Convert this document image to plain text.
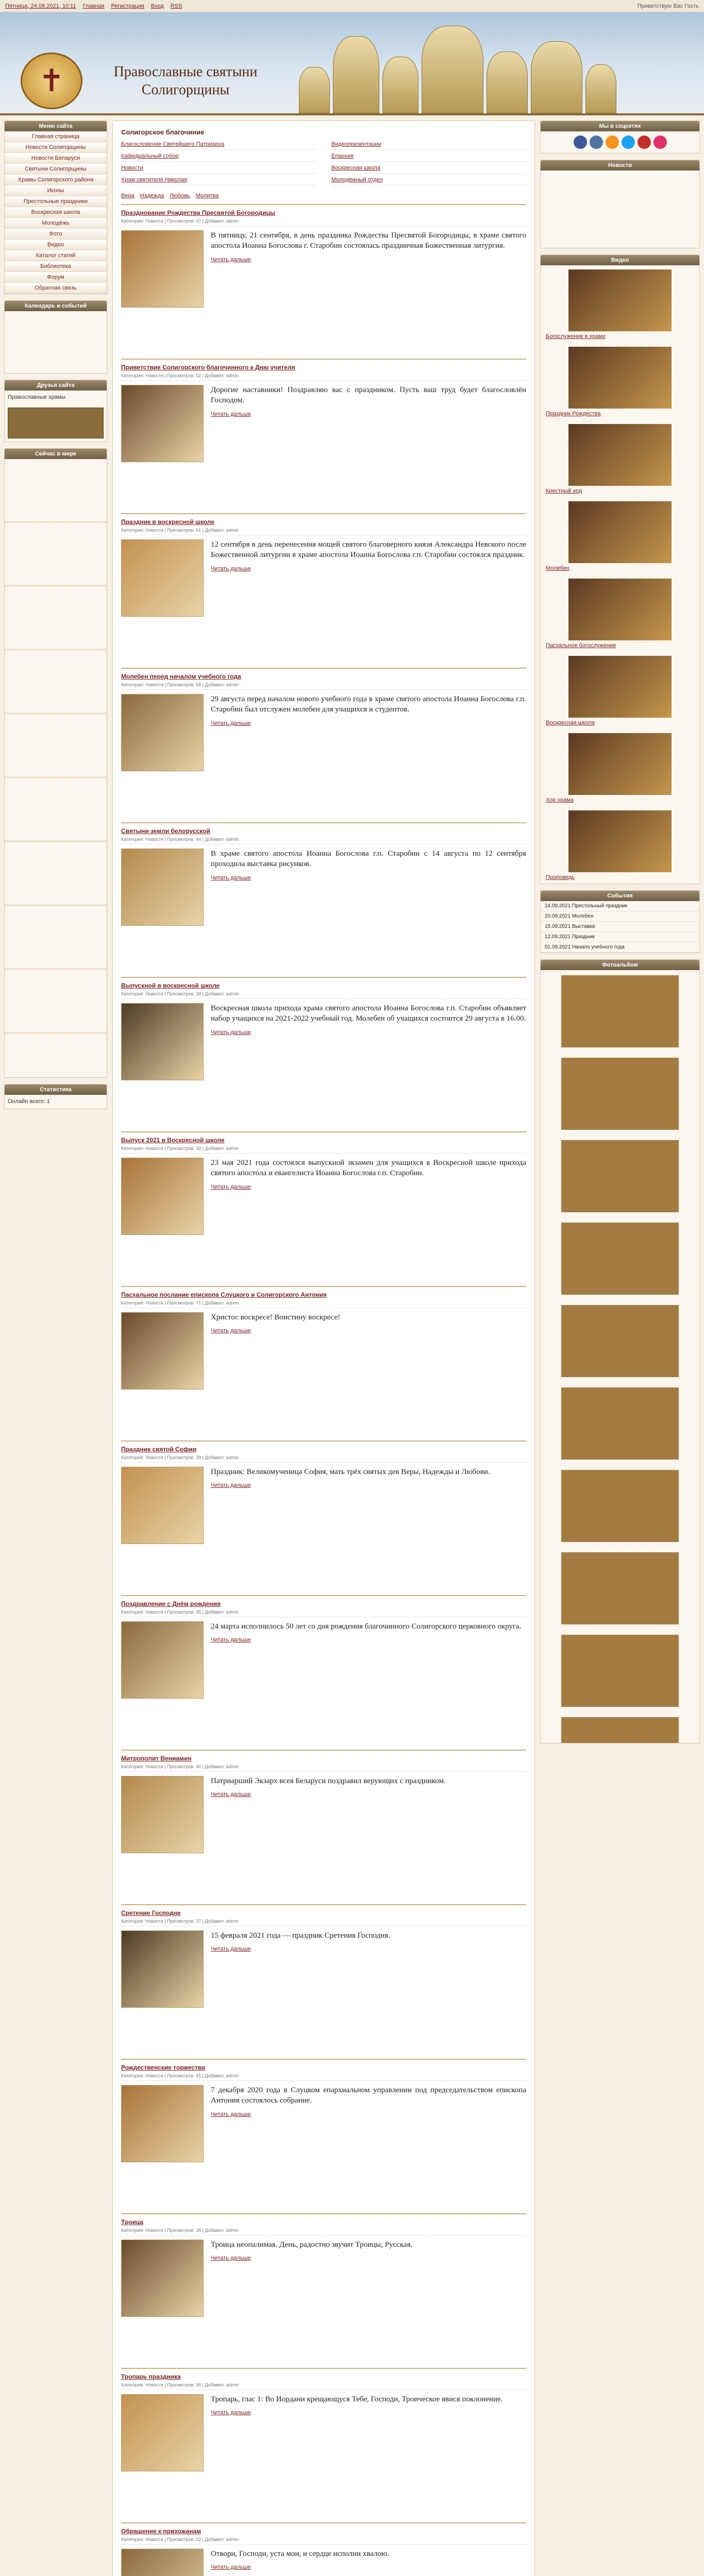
Пятница, 24.09.2021, 10:11 Главная Регистрация Вход RSS	Приветствую Вас Гость
✝	Православные святыни Солигорщины
Меню сайта
Главная страница
Новости Солигорщины
Новости Беларуси
Святыни Солигорщины
Храмы Солигорского района
Иконы
Престольные праздники
Воскресная школа
Молодёжь
Фото
Видео
Каталог статей
Библиотека
Форум
Обратная связь
Календарь и событий
Друзья сайта
Православные храмы
Сейчас в мире
Статистика
Онлайн всего: 1
Солигорское благочиние
Благословение Святейшего Патриарха	Видеопрезентации
Кафедральный собор	Епархия
Новости	Воскресная школа
Храм святителя Николая	Молодёжный отдел
Вера Надежда Любовь Молитва
Празднование Рождества Пресвятой Богородицы
Категория: Новости | Просмотров: 47 | Добавил: admin
В пятницу, 21 сентября, в день праздника Рождества Пресвятой Богородицы, в храме святого апостола Иоанна Богослова г. Старобин состоялась праздничная Божественная литургия.
Читать дальше
Приветствие Солигорского благочинного к Дню учителя
Категория: Новости | Просмотров: 52 | Добавил: admin
Дорогие наставники! Поздравляю вас с праздником. Пусть ваш труд будет благословлён Господом.
Читать дальше
Праздник в воскресной школе
Категория: Новости | Просмотров: 61 | Добавил: admin
12 сентября в день перенесения мощей святого благоверного князя Александра Невского после Божественной литургии в храме апостола Иоанна Богослова г.п. Старобин состоялся праздник.
Читать дальше
Молебен перед началом учебного года
Категория: Новости | Просмотров: 58 | Добавил: admin
29 августа перед началом нового учебного года в храме святого апостола Иоанна Богослова г.п. Старобин был отслужен молебен для учащихся и студентов.
Читать дальше
Святыни земли белорусской
Категория: Новости | Просмотров: 44 | Добавил: admin
В храме святого апостола Иоанна Богослова г.п. Старобин с 14 августа по 12 сентября проходила выставка рисунков.
Читать дальше
Выпускной в воскресной школе
Категория: Новости | Просмотров: 39 | Добавил: admin
Воскресная школа прихода храма святого апостола Иоанна Богослова г.п. Старобин объявляет набор учащихся на 2021-2022 учебный год. Молебен об учащихся состоится 29 августа в 16.00.
Читать дальше
Выпуск 2021 в Воскресной школе
Категория: Новости | Просмотров: 33 | Добавил: admin
23 мая 2021 года состоялся выпускной экзамен для учащихся в Воскресной школе прихода святого апостола и евангелиста Иоанна Богослова г.п. Старобин.
Читать дальше
Пасхальное послание епископа Слуцкого и Солигорского Антония
Категория: Новости | Просмотров: 71 | Добавил: admin
Христос воскресе! Воистину воскресе!
Читать дальше
Праздник святой Софии
Категория: Новости | Просмотров: 29 | Добавил: admin
Праздник: Великомученица София, мать трёх святых дев Веры, Надежды и Любови.
Читать дальше
Поздравление с Днём рождения
Категория: Новости | Просмотров: 35 | Добавил: admin
24 марта исполнилось 50 лет со дня рождения благочинного Солигорского церковного округа.
Читать дальше
Митрополит Вениамин
Категория: Новости | Просмотров: 40 | Добавил: admin
Патриарший Экзарх всея Беларуси поздравил верующих с праздником.
Читать дальше
Сретение Господне
Категория: Новости | Просмотров: 27 | Добавил: admin
15 февраля 2021 года — праздник Сретения Господня.
Читать дальше
Рождественские торжества
Категория: Новости | Просмотров: 31 | Добавил: admin
7 декабря 2020 года в Слуцком епархиальном управлении под председательством епископа Антония состоялось собрание.
Читать дальше
Троица
Категория: Новости | Просмотров: 38 | Добавил: admin
Троица неопалимая. День, радостно звучит Троицы, Русская.
Читать дальше
Тропарь праздника
Категория: Новости | Просмотров: 26 | Добавил: admin
Тропарь, глас 1: Во Иордани крещающуся Тебе, Господи, Троическое явися поклонение.
Читать дальше
Обращение к прихожанам
Категория: Новости | Просмотров: 22 | Добавил: admin
Отвори, Господи, уста мои, и сердце исполни хвалою.
Читать дальше
Мы в соцсетях
Новости
Видео
Богослужение в храме
Праздник Рождества
Крестный ход
Молебен
Пасхальное богослужение
Воскресная школа
Хор храма
Проповедь
События
24.09.2021 Престольный праздник
20.09.2021 Молебен
15.09.2021 Выставка
12.09.2021 Праздник
01.09.2021 Начало учебного года
Фотоальбом
